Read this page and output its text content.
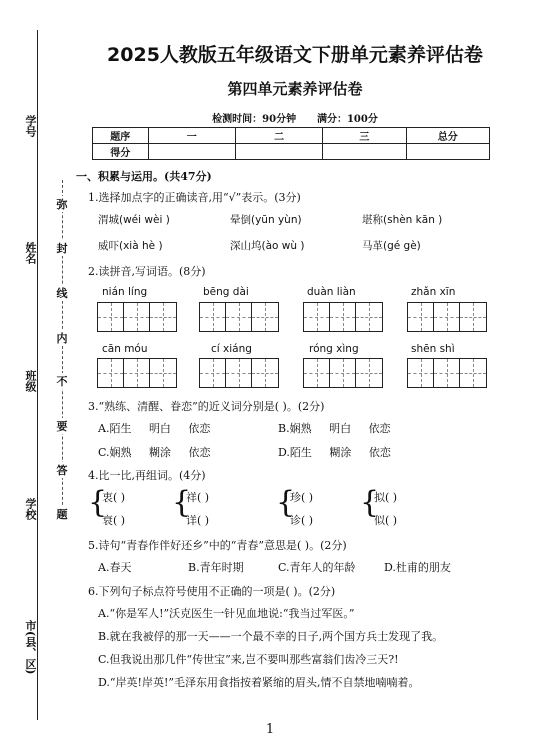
学号
姓名
班级
学校
市(县、区)
弥
封
线
内
不
要
答
题
2025人教版五年级语文下册单元素养评估卷
第四单元素养评估卷
检测时间：90分钟 满分：100分
题序	一	二	三	总分
得分				
一、积累与运用。(共47分)
1.选择加点字的正确读音,用“√”表示。(3分)
渭城(wéi wèi )	晕倒(yūn yùn)	堪称(shèn kān )
威吓(xià hè )	深山坞(ào wù )	马革(gé gè)
2.读拼音,写词语。(8分)
nián líng	bēng dài	duàn liàn	zhǎn xīn
cān móu	cí xiáng	róng xìng	shēn shì
3.“熟练、清醒、眷恋”的近义词分别是( )。(2分)
A.陌生 明白 依恋	B.娴熟 明白 依恋
C.娴熟 糊涂 依恋	D.陌生 糊涂 依恋
4.比一比,再组词。(4分)
{
衷( )
衰( )
{
祥( )
详( )
{
珍( )
诊( )
{
拟( )
似( )
5.诗句“青春作伴好还乡”中的“青春”意思是( )。(2分)
A.春天	B.青年时期	C.青年人的年龄	D.杜甫的朋友
6.下列句子标点符号使用不正确的一项是( )。(2分)
A.“你是军人!”沃克医生一针见血地说:“我当过军医。”
B.就在我被俘的那一天——一个最不幸的日子,两个国方兵士发现了我。
C.但我说出那几件“传世宝”来,岂不要叫那些富翁们齿冷三天?!
D.“岸英!岸英!”毛泽东用食指按着紧缩的眉头,情不自禁地喃喃着。
1
